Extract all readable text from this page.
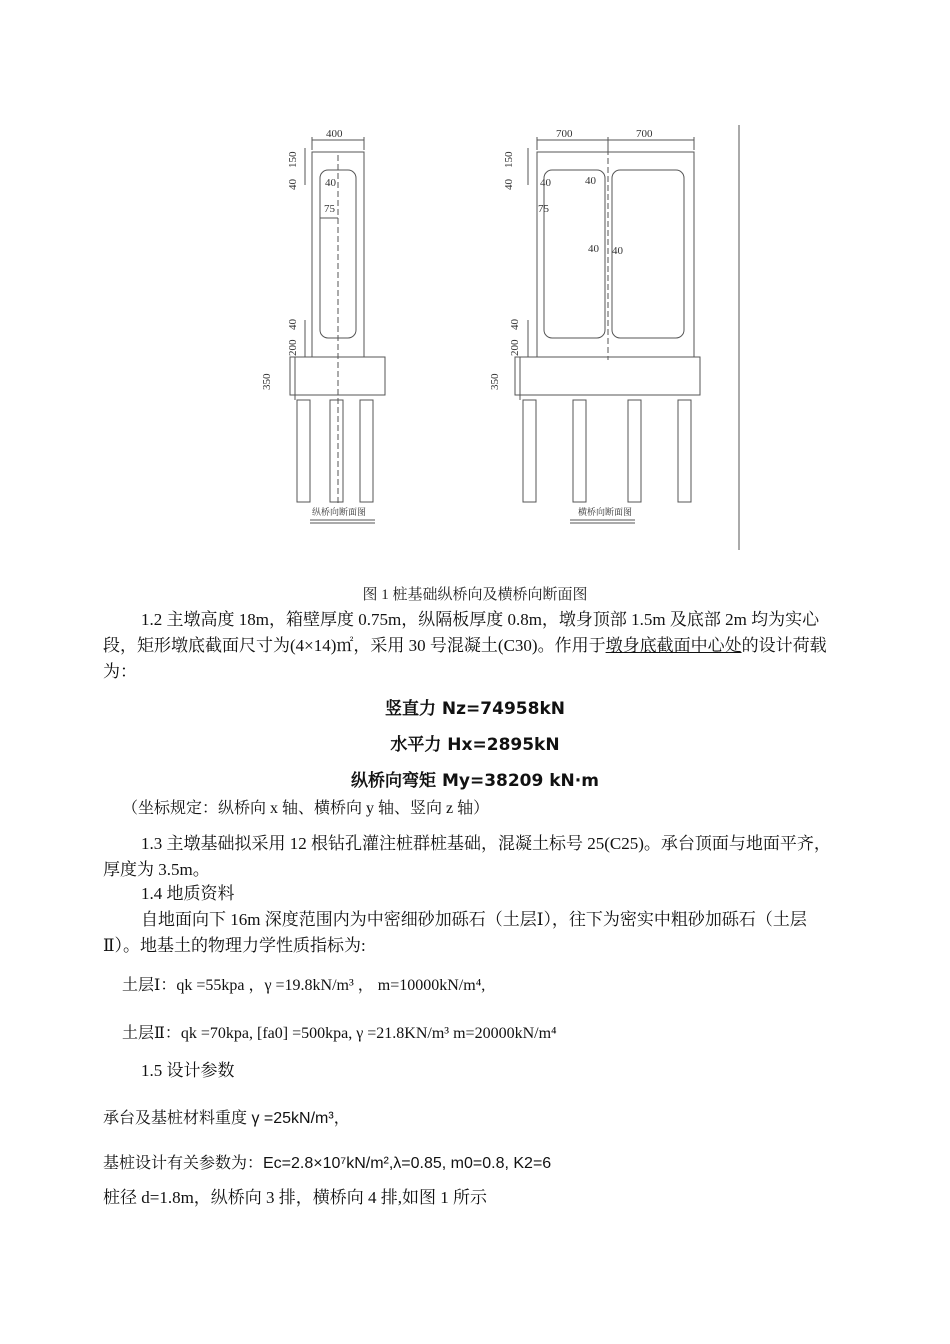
400
150
40 40
75
40
200
350
纵桥向断面图
700	700
150
40 40	40
75
40 40
40
200
350
横桥向断面图
图 1 桩基础纵桥向及横桥向断面图
1.2 主墩高度 18m，箱壁厚度 0.75m，纵隔板厚度 0.8m，墩身顶部 1.5m 及底部 2m 均为实心段，矩形墩底截面尺寸为(4×14)㎡，采用 30 号混凝土(C30)。作用于墩身底截面中心处的设计荷载为：
竖直力 Nz=74958kN
水平力 Hx=2895kN
纵桥向弯矩 My=38209 kN·m
（坐标规定：纵桥向 x 轴、横桥向 y 轴、竖向 z 轴）
1.3 主墩基础拟采用 12 根钻孔灌注桩群桩基础，混凝土标号 25(C25)。承台顶面与地面平齐，厚度为 3.5m。
1.4 地质资料
自地面向下 16m 深度范围内为中密细砂加砾石（土层Ⅰ），往下为密实中粗砂加砾石（土层Ⅱ）。地基土的物理力学性质指标为:
土层Ⅰ：qk =55kpa ，γ =19.8kN/m³ ， m=10000kN/m⁴,
土层Ⅱ：qk =70kpa, [fa0] =500kpa, γ =21.8KN/m³ m=20000kN/m⁴
1.5 设计参数
承台及基桩材料重度 γ =25kN/m³，
基桩设计有关参数为：Ec=2.8×10⁷kN/m²,λ=0.85, m0=0.8, K2=6
桩径 d=1.8m，纵桥向 3 排，横桥向 4 排,如图 1 所示
